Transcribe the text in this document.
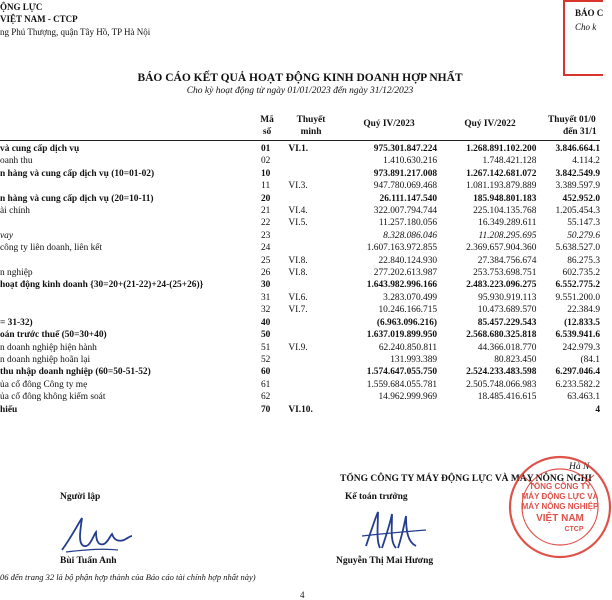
ỘNG LỰC
VIỆT NAM - CTCP
ng Phú Thượng, quận Tây Hồ, TP Hà Nội
BÁO C
Cho k
BÁO CÁO KẾT QUẢ HOẠT ĐỘNG KINH DOANH HỢP NHẤT
Cho kỳ hoạt động từ ngày 01/01/2023 đến ngày 31/12/2023
Mã
số
Thuyết
minh
Quý IV/2023	Quý IV/2022	Thuyết 01/0
đến 31/1
và cung cấp dịch vụ	01	VI.1.	975.301.847.224	1.268.891.102.200	3.846.664.1
oanh thu	02		1.410.630.216	1.748.421.128	4.114.2
n hàng và cung cấp dịch vụ (10=01-02)	10		973.891.217.008	1.267.142.681.072	3.842.549.9
	11	VI.3.	947.780.069.468	1.081.193.879.889	3.389.597.9
n hàng và cung cấp dịch vụ (20=10-11)	20		26.111.147.540	185.948.801.183	452.952.0
ài chính	21	VI.4.	322.007.794.744	225.104.135.768	1.205.454.3
	22	VI.5.	11.257.180.056	16.349.289.611	55.147.3
vay	23		8.328.086.046	11.208.295.695	50.279.6
công ty liên doanh, liên kết	24		1.607.163.972.855	2.369.657.904.360	5.638.527.0
	25	VI.8.	22.840.124.930	27.384.756.674	86.275.3
n nghiệp	26	VI.8.	277.202.613.987	253.753.698.751	602.735.2
hoạt động kinh doanh {30=20+(21-22)+24-(25+26)}	30		1.643.982.996.166	2.483.223.096.275	6.552.775.2
	31	VI.6.	3.283.070.499	95.930.919.113	9.551.200.0
	32	VI.7.	10.246.166.715	10.473.689.570	22.384.9
= 31-32)	40		(6.963.096.216)	85.457.229.543	(12.833.5
oán trước thuế (50=30+40)	50		1.637.019.899.950	2.568.680.325.818	6.539.941.6
n doanh nghiệp hiện hành	51	VI.9.	62.240.850.811	44.366.018.770	242.979.3
n doanh nghiệp hoãn lại	52		131.993.389	80.823.450	(84.1
thu nhập doanh nghiệp (60=50-51-52)	60		1.574.647.055.750	2.524.233.483.598	6.297.046.4
ủa cổ đông Công ty mẹ	61		1.559.684.055.781	2.505.748.066.983	6.233.582.2
ủa cổ đông không kiểm soát	62		14.962.999.969	18.485.416.615	63.463.1
hiếu	70	VI.10.			4
Hà N
TỔNG CÔNG TY MÁY ĐỘNG LỰC VÀ MÁY NÔNG NGHI
Người lập	Kế toán trưởng
Bùi Tuấn Anh	Nguyễn Thị Mai Hương
TỔNG CÔNG TY
MÁY ĐỘNG LỰC VÀ
MÁY NÔNG NGHIỆP
VIỆT NAM
CTCP
06 đến trang 32 là bộ phận hợp thành của Báo cáo tài chính hợp nhất này)
4
